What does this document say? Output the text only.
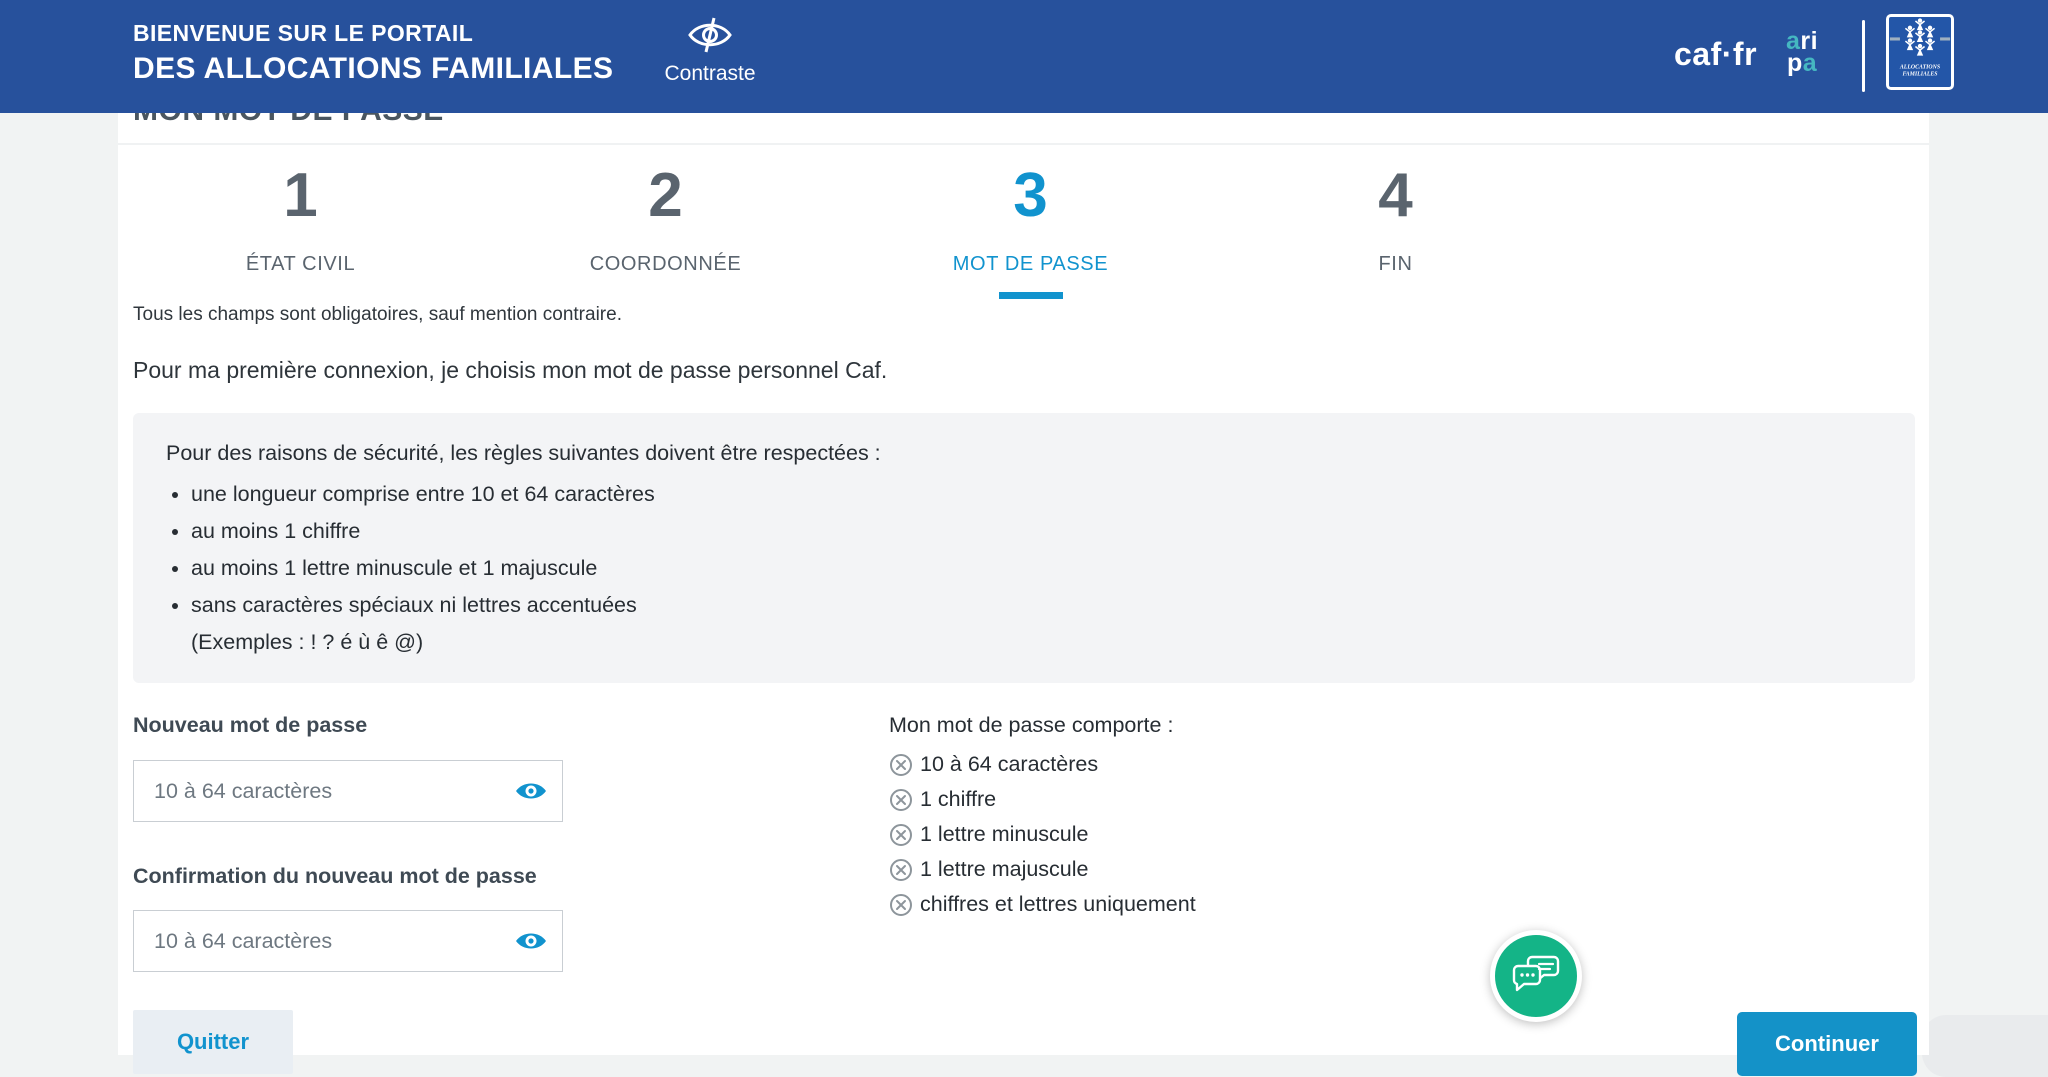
BIENVENUE SUR LE PORTAIL
DES ALLOCATIONS FAMILIALES	Contraste
caf·fr ari
pa	ALLOCATIONS
FAMILIALES
1
ÉTAT CIVIL
2
COORDONNÉE
3
MOT DE PASSE
4
FIN

Tous les champs sont obligatoires, sauf mention contraire.

Pour ma première connexion, je choisis mon mot de passe personnel Caf.

Pour des raisons de sécurité, les règles suivantes doivent être respectées :
• une longueur comprise entre 10 et 64 caractères
• au moins 1 chiffre
• au moins 1 lettre minuscule et 1 majuscule
• sans caractères spéciaux ni lettres accentuées
(Exemples : ! ? é ù ê @)
Nouveau mot de passe
Confirmation du nouveau mot de passe
Mon mot de passe comporte :
10 à 64 caractères
1 chiffre
1 lettre minuscule
1 lettre majuscule
chiffres et lettres uniquement
Quitter	Continuer
